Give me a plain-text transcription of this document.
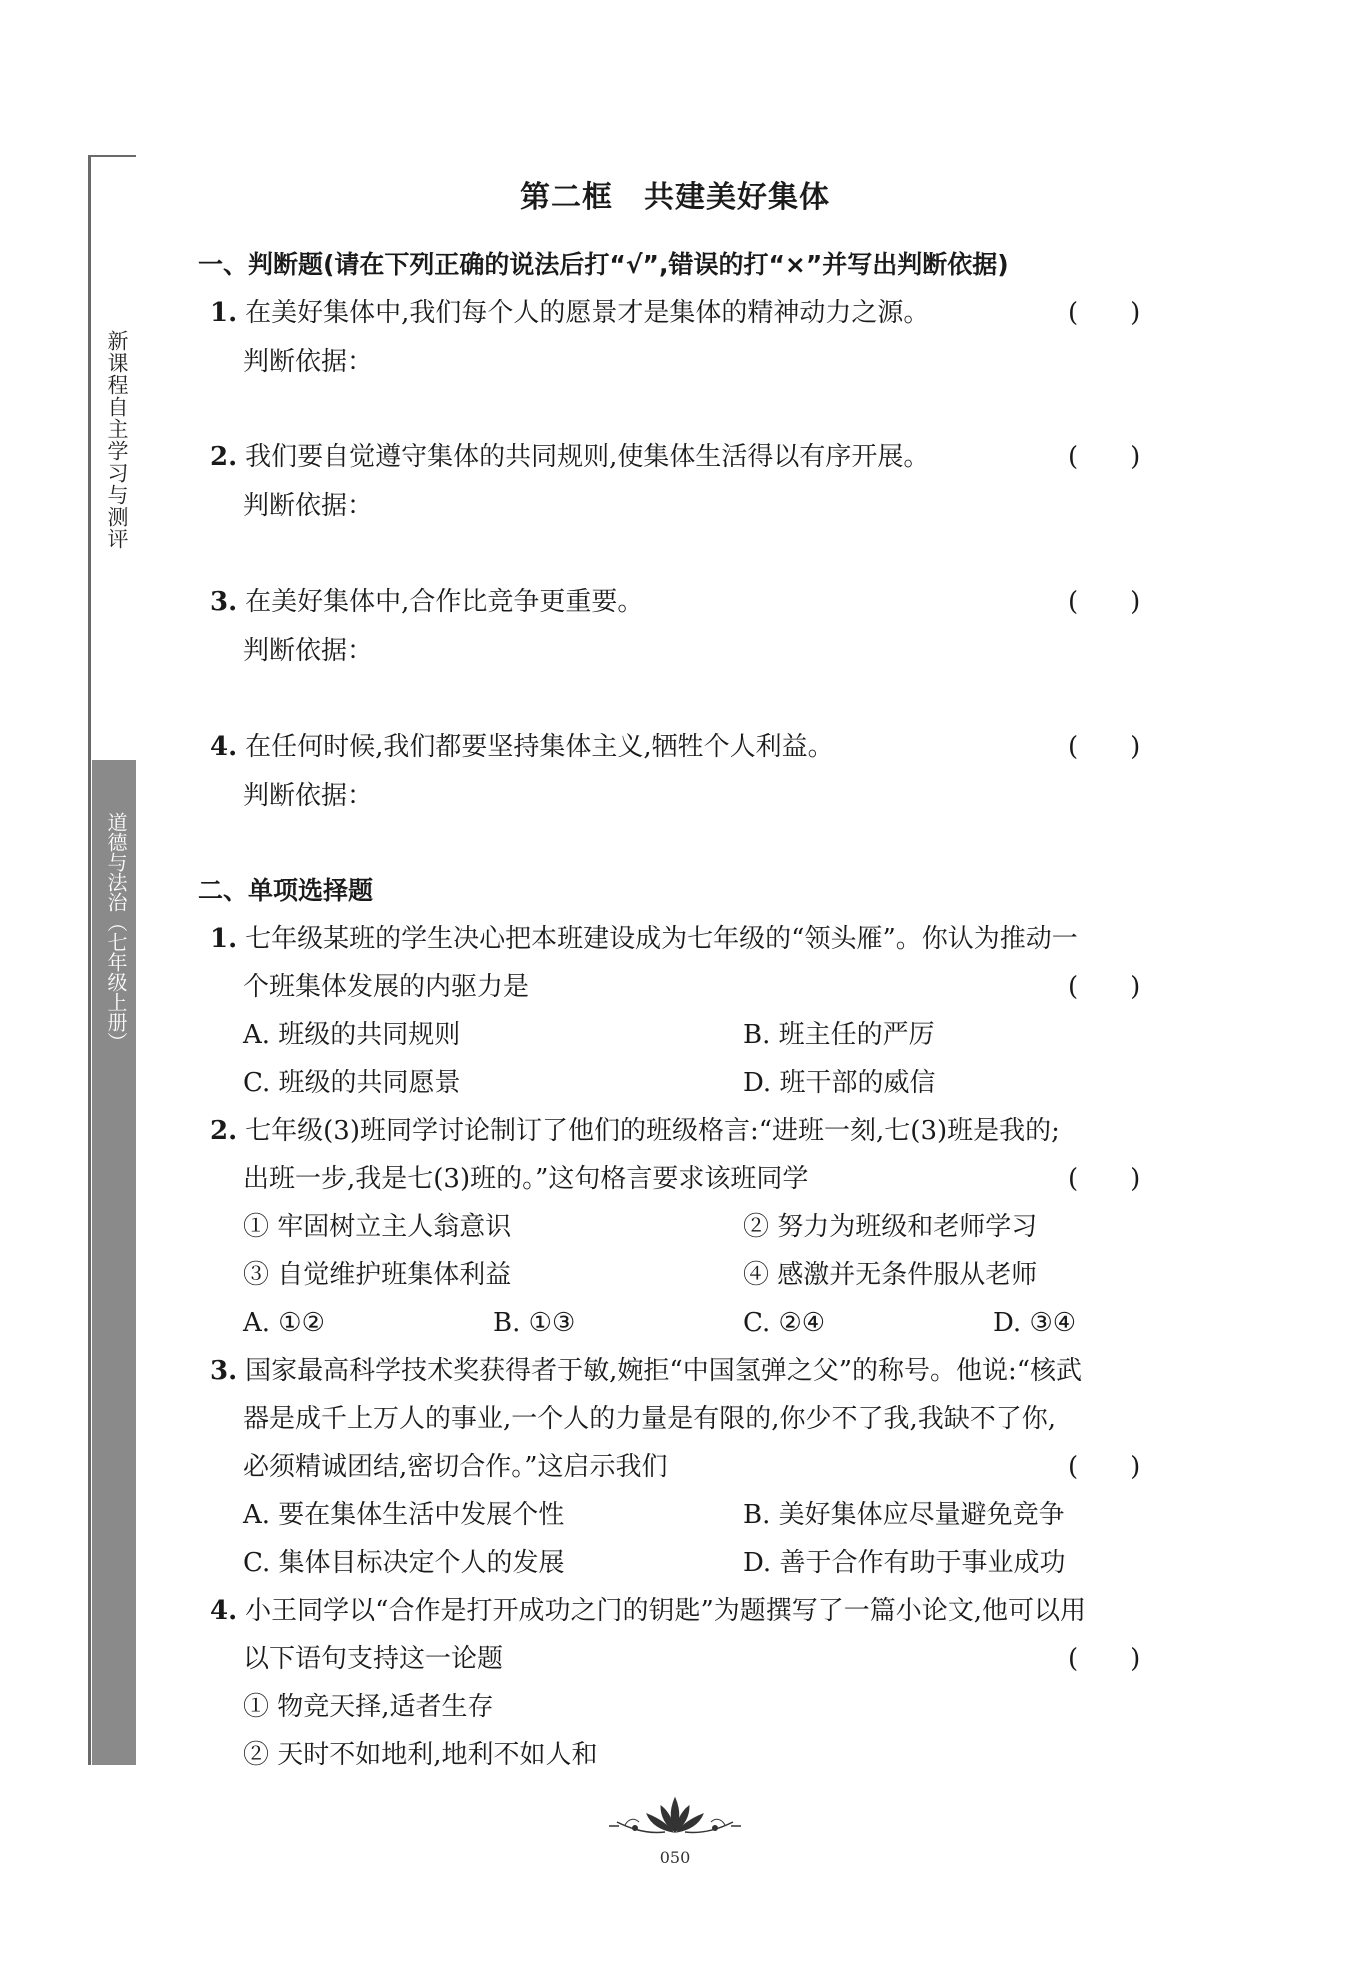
新课程自主学习与测评
道德与法治（七年级上册）
第二框　共建美好集体
一、判断题(请在下列正确的说法后打“√”,错误的打“×”并写出判断依据)
1. 在美好集体中,我们每个人的愿景才是集体的精神动力之源。	(　　)
判断依据：
2. 我们要自觉遵守集体的共同规则,使集体生活得以有序开展。	(　　)
判断依据：
3. 在美好集体中,合作比竞争更重要。	(　　)
判断依据：
4. 在任何时候,我们都要坚持集体主义,牺牲个人利益。	(　　)
判断依据：
二、单项选择题
1. 七年级某班的学生决心把本班建设成为七年级的“领头雁”。你认为推动一
个班集体发展的内驱力是	(　　)
A. 班级的共同规则	B. 班主任的严厉
C. 班级的共同愿景	D. 班干部的威信
2. 七年级(3)班同学讨论制订了他们的班级格言:“进班一刻,七(3)班是我的;
出班一步,我是七(3)班的。”这句格言要求该班同学	(　　)
① 牢固树立主人翁意识	② 努力为班级和老师学习
③ 自觉维护班集体利益	④ 感激并无条件服从老师
A. ①②	B. ①③	C. ②④	D. ③④
3. 国家最高科学技术奖获得者于敏,婉拒“中国氢弹之父”的称号。他说:“核武
器是成千上万人的事业,一个人的力量是有限的,你少不了我,我缺不了你,
必须精诚团结,密切合作。”这启示我们	(　　)
A. 要在集体生活中发展个性	B. 美好集体应尽量避免竞争
C. 集体目标决定个人的发展	D. 善于合作有助于事业成功
4. 小王同学以“合作是打开成功之门的钥匙”为题撰写了一篇小论文,他可以用
以下语句支持这一论题	(　　)
① 物竞天择,适者生存
② 天时不如地利,地利不如人和
050
